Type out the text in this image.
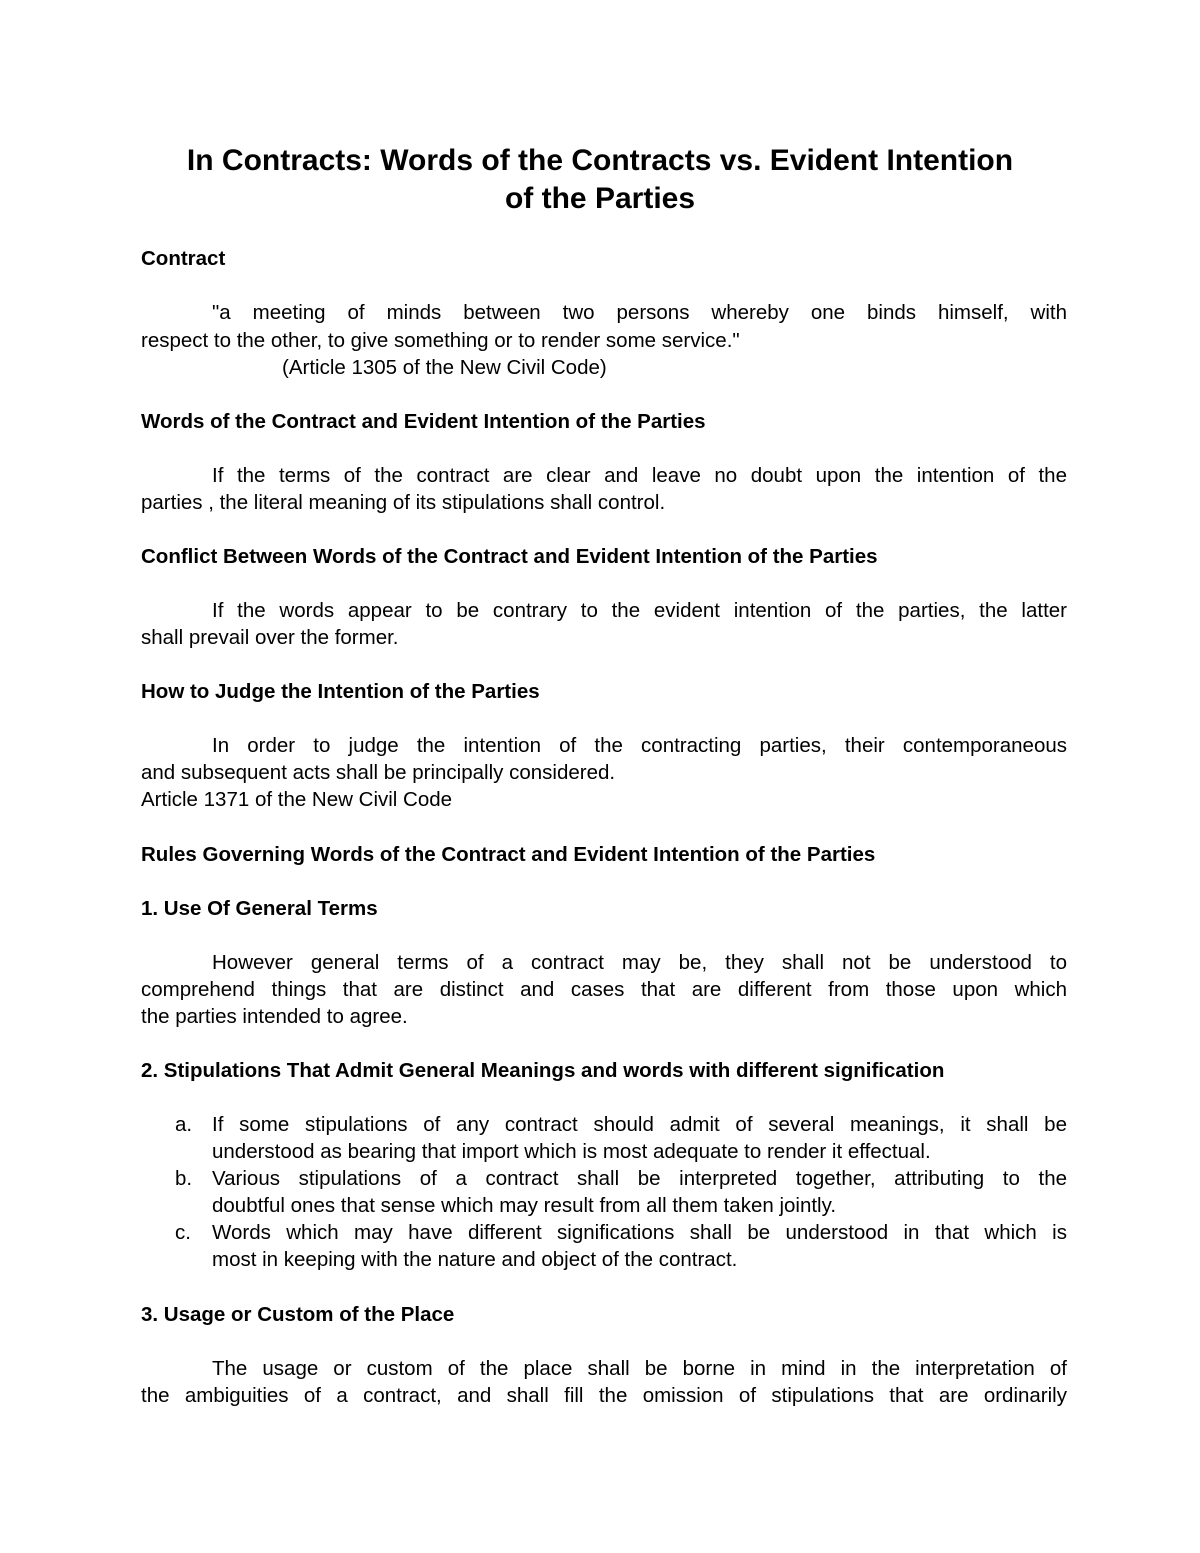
In Contracts: Words of the Contracts vs. Evident Intention
of the Parties
Contract
"a meeting of minds between two persons whereby one binds himself, with
respect to the other, to give something or to render some service."
(Article 1305 of the New Civil Code)
Words of the Contract and Evident Intention of the Parties
If the terms of the contract are clear and leave no doubt upon the intention of the
parties , the literal meaning of its stipulations shall control.
Conflict Between Words of the Contract and Evident Intention of the Parties
If the words appear to be contrary to the evident intention of the parties, the latter
shall prevail over the former.
How to Judge the Intention of the Parties
In order to judge the intention of the contracting parties, their contemporaneous
and subsequent acts shall be principally considered.
Article 1371 of the New Civil Code
Rules Governing Words of the Contract and Evident Intention of the Parties
1. Use Of General Terms
However general terms of a contract may be, they shall not be understood to
comprehend things that are distinct and cases that are different from those upon which
the parties intended to agree.
2. Stipulations That Admit General Meanings and words with different signification
a. If some stipulations of any contract should admit of several meanings, it shall be
understood as bearing that import which is most adequate to render it effectual.
b. Various stipulations of a contract shall be interpreted together, attributing to the
doubtful ones that sense which may result from all them taken jointly.
c. Words which may have different significations shall be understood in that which is
most in keeping with the nature and object of the contract.
3. Usage or Custom of the Place
The usage or custom of the place shall be borne in mind in the interpretation of
the ambiguities of a contract, and shall fill the omission of stipulations that are ordinarily
